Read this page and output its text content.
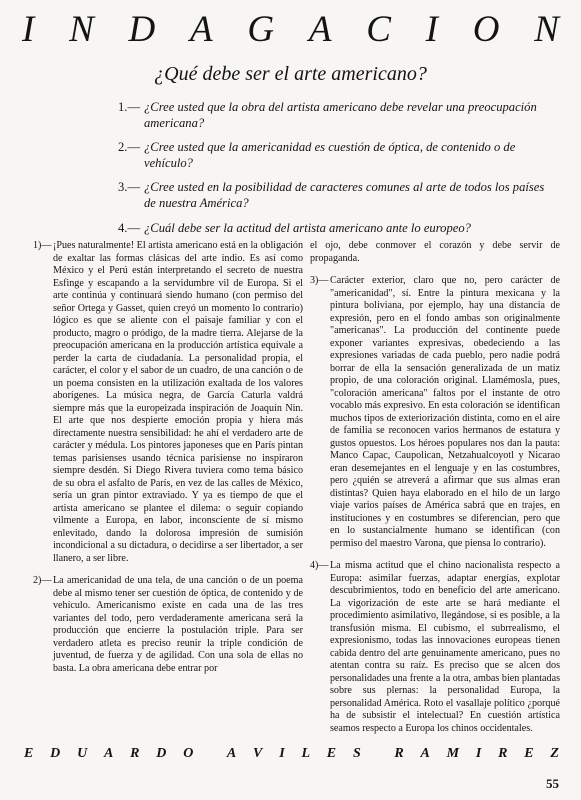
I N D A G A C I O N
¿Qué debe ser el arte americano?
1.— ¿Cree usted que la obra del artista americano debe revelar una preocupación americana?
2.— ¿Cree usted que la americanidad es cuestión de óptica, de contenido o de vehículo?
3.— ¿Cree usted en la posibilidad de caracteres comunes al arte de todos los países de nuestra América?
4.— ¿Cuál debe ser la actitud del artista americano ante lo europeo?
1)— ¡Pues naturalmente! El artista americano está en la obligación de exaltar las formas clásicas del arte indio. Es así como México y el Perú están interpretando el secreto de nuestra Esfinge y escapando a la servidumbre vil de Europa. Si el arte continúa y continuará siendo humano (con permiso del señor Ortega y Gasset, quien creyó un momento lo contrario) lógico es que se aliente con el paisaje familiar y con el producto, magro o pródigo, de la madre tierra. Alejarse de la preocupación americana en la producción artística equivale a perder la carta de ciudadanía. La personalidad propia, el carácter, el color y el sabor de un cuadro, de una canción o de un poema consisten en la utilización exaltada de los valores aborígenes. La música negra, de García Caturla valdrá siempre más que la europeizada inspiración de Joaquín Nin. El arte que nos despierte emoción propia y hiera más directamente nuestra sensibilidad: he ahí el verdadero arte de carácter y médula. Los pintores japoneses que en París pintan temas parisienses usando técnica parisiense no inspiraron siempre desdén. Si Diego Rivera tuviera como tema básico de su obra el asfalto de París, en vez de las calles de México, sería un gran pintor extraviado. Y ya es tiempo de que el artista americano se plantee el dilema: o seguir copiando vilmente a Europa, en labor, inconsciente de sí mismo enlevitado, dando la dolorosa impresión de sumisión incondicional a su dictadura, o decidirse a ser libertador, a ser llanero, a ser libre.
2)— La americanidad de una tela, de una canción o de un poema debe al mismo tener ser cuestión de óptica, de contenido y de vehículo. Americanismo existe en cada una de las tres variantes del todo, pero verdaderamente americana será la producción que encierre la postulación triple. Para ser verdadero atleta es preciso reunir la triple condición de juventud, de fuerza y de agilidad. Con una sola de ellas no basta. La obra americana debe entrar por
el ojo, debe conmover el corazón y debe servir de propaganda.
3)— Carácter exterior, claro que no, pero carácter de "americanidad", sí. Entre la pintura mexicana y la pintura boliviana, por ejemplo, hay una distancia de expresión, pero en el fondo ambas son originalmente "americanas". La producción del continente puede exponer variantes expresivas, obedeciendo a las expresiones variadas de cada pueblo, pero nadie podrá borrar de ella la sensación generalizada de un matiz propio, de una coloración original. Llamémosla, pues, "coloración americana" faltos por el instante de otro vocablo más expresivo. En esta coloración se identifican muchos tipos de exteriorización distinta, como en el aire de familia se reconocen varios hermanos de estatura y gustos opuestos. Los héroes populares nos dan la pauta: Manco Capac, Caupolican, Netzahualcoyotl y Nicarao eran desemejantes en el lenguaje y en las costumbres, pero ¿quién se atreverá a afirmar que sus almas eran distintas? Quien haya elaborado en el hilo de un largo viaje varios países de América sabrá que en trajes, en instituciones y en costumbres se diferencian, pero que en lo sustancialmente humano se identifican (con permiso del maestro Varona, que piensa lo contrario).
4)— La misma actitud que el chino nacionalista respecto a Europa: asimilar fuerzas, adaptar energías, explotar descubrimientos, todo en beneficio del arte americano. La vigorización de este arte se hará mediante el procedimiento asimilativo, llegándose, si es posible, a la transfusión misma. El cubismo, el subrrealismo, el expresionismo, todas las innovaciones europeas tienen cabida dentro del arte genuinamente americano, pues no atentan contra su raíz. Es preciso que se alcen dos personalidades una frente a la otra, ambas bien plantadas sobre sus plernas: la personalidad Europa, la personalidad América. Roto el vasallaje político ¿porqué ha de subsistir el intelectual? En cuestión artística seamos respecto a Europa los chinos occidentales.
E D U A R D O A V I L E S R A M I R E Z
55
